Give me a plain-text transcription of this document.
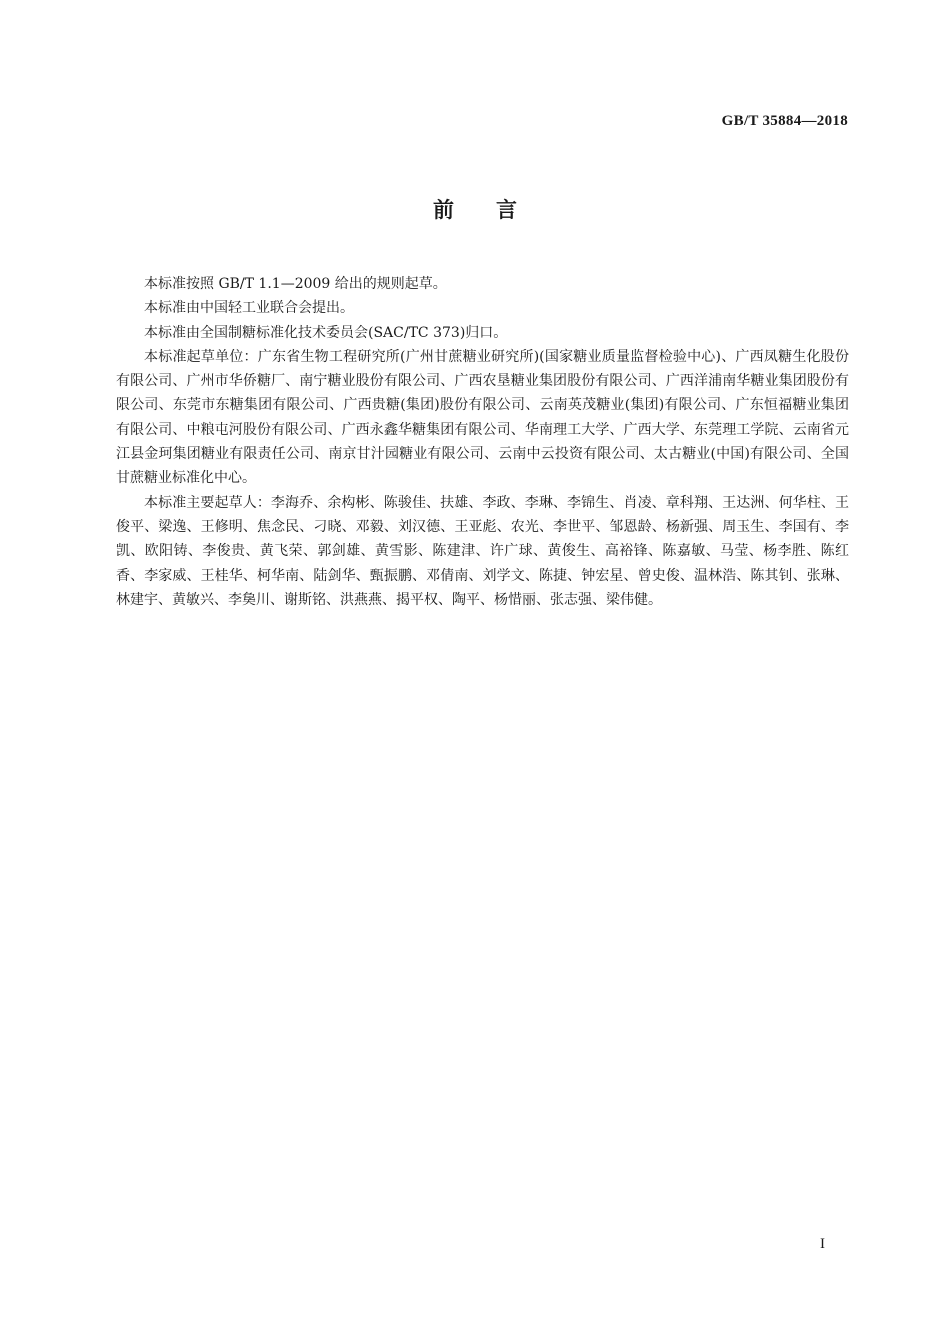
GB/T 35884—2018
前言

本标准按照 GB/T 1.1—2009 给出的规则起草。

本标准由中国轻工业联合会提出。

本标准由全国制糖标准化技术委员会(SAC/TC 373)归口。

本标准起草单位：广东省生物工程研究所(广州甘蔗糖业研究所)(国家糖业质量监督检验中心)、广西凤糖生化股份有限公司、广州市华侨糖厂、南宁糖业股份有限公司、广西农垦糖业集团股份有限公司、广西洋浦南华糖业集团股份有限公司、东莞市东糖集团有限公司、广西贵糖(集团)股份有限公司、云南英茂糖业(集团)有限公司、广东恒福糖业集团有限公司、中粮屯河股份有限公司、广西永鑫华糖集团有限公司、华南理工大学、广西大学、东莞理工学院、云南省元江县金珂集团糖业有限责任公司、南京甘汁园糖业有限公司、云南中云投资有限公司、太古糖业(中国)有限公司、全国甘蔗糖业标准化中心。

本标准主要起草人：李海乔、余构彬、陈骏佳、扶雄、李政、李琳、李锦生、肖凌、章科翔、王达洲、何华柱、王俊平、梁逸、王修明、焦念民、刁晓、邓毅、刘汉德、王亚彪、农光、李世平、邹恩龄、杨新强、周玉生、李国有、李凯、欧阳铸、李俊贵、黄飞荣、郭剑雄、黄雪影、陈建津、许广球、黄俊生、高裕锋、陈嘉敏、马莹、杨李胜、陈红香、李家威、王桂华、柯华南、陆剑华、甄振鹏、邓倩南、刘学文、陈捷、钟宏星、曾史俊、温林浩、陈其钊、张琳、林建宇、黄敏兴、李㚟川、谢斯铭、洪燕燕、揭平权、陶平、杨惜丽、张志强、梁伟健。

I
